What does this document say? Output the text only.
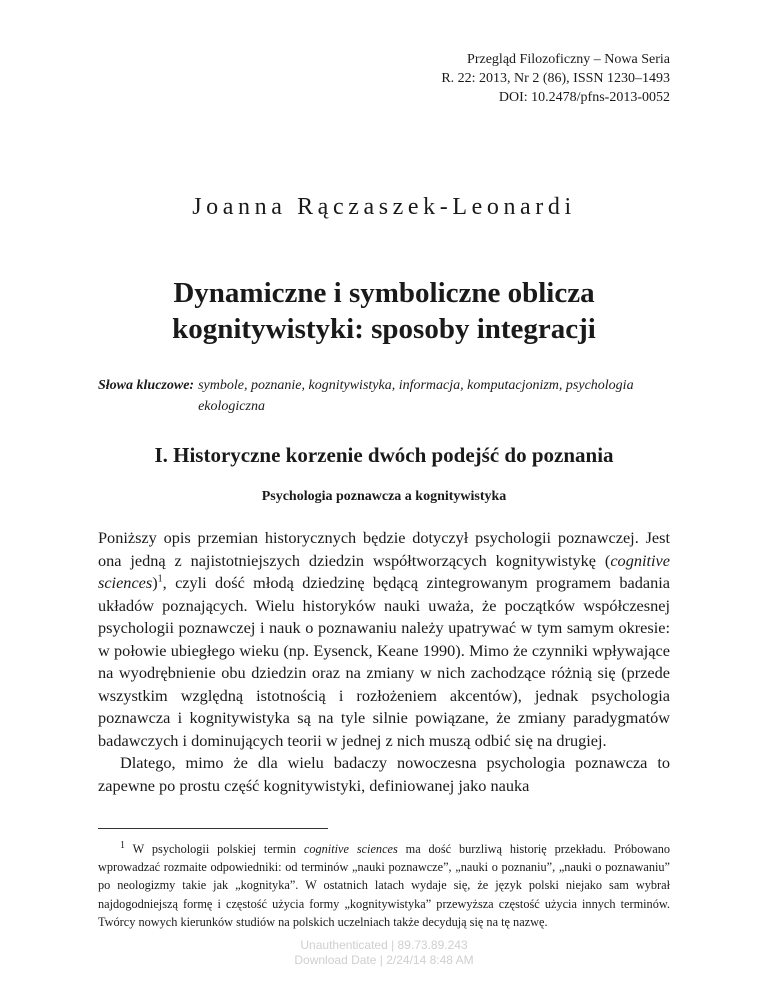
Przegląd Filozoficzny – Nowa Seria
R. 22: 2013, Nr 2 (86), ISSN 1230–1493
DOI: 10.2478/pfns-2013-0052
Joanna Rączaszek-Leonardi
Dynamiczne i symboliczne oblicza
kognitywistyki: sposoby integracji
Słowa kluczowe: symbole, poznanie, kognitywistyka, informacja, komputacjonizm, psychologia ekologiczna
I. Historyczne korzenie dwóch podejść do poznania
Psychologia poznawcza a kognitywistyka

Poniższy opis przemian historycznych będzie dotyczył psychologii poznawczej. Jest ona jedną z najistotniejszych dziedzin współtworzących kognitywistykę (cognitive sciences)$^1$, czyli dość młodą dziedzinę będącą zintegrowanym programem badania układów poznających. Wielu historyków nauki uważa, że początków współczesnej psychologii poznawczej i nauk o poznawaniu należy upatrywać w tym samym okresie: w połowie ubiegłego wieku (np. Eysenck, Keane 1990). Mimo że czynniki wpływające na wyodrębnienie obu dziedzin oraz na zmiany w nich zachodzące różnią się (przede wszystkim względną istotnością i rozłożeniem akcentów), jednak psychologia poznawcza i kognitywistyka są na tyle silnie powiązane, że zmiany paradygmatów badawczych i dominujących teorii w jednej z nich muszą odbić się na drugiej.

Dlatego, mimo że dla wielu badaczy nowoczesna psychologia poznawcza to zapewne po prostu część kognitywistyki, definiowanej jako nauka

$^1$ W psychologii polskiej termin cognitive sciences ma dość burzliwą historię przekładu. Próbowano wprowadzać rozmaite odpowiedniki: od terminów „nauki poznawcze”, „nauki o poznaniu”, „nauki o poznawaniu” po neologizmy takie jak „kognityka”. W ostatnich latach wydaje się, że język polski niejako sam wybrał najdogodniejszą formę i częstość użycia formy „kognitywistyka” przewyższa częstość użycia innych terminów. Twórcy nowych kierunków studiów na polskich uczelniach także decydują się na tę nazwę.
Unauthenticated | 89.73.89.243
Download Date | 2/24/14 8:48 AM
